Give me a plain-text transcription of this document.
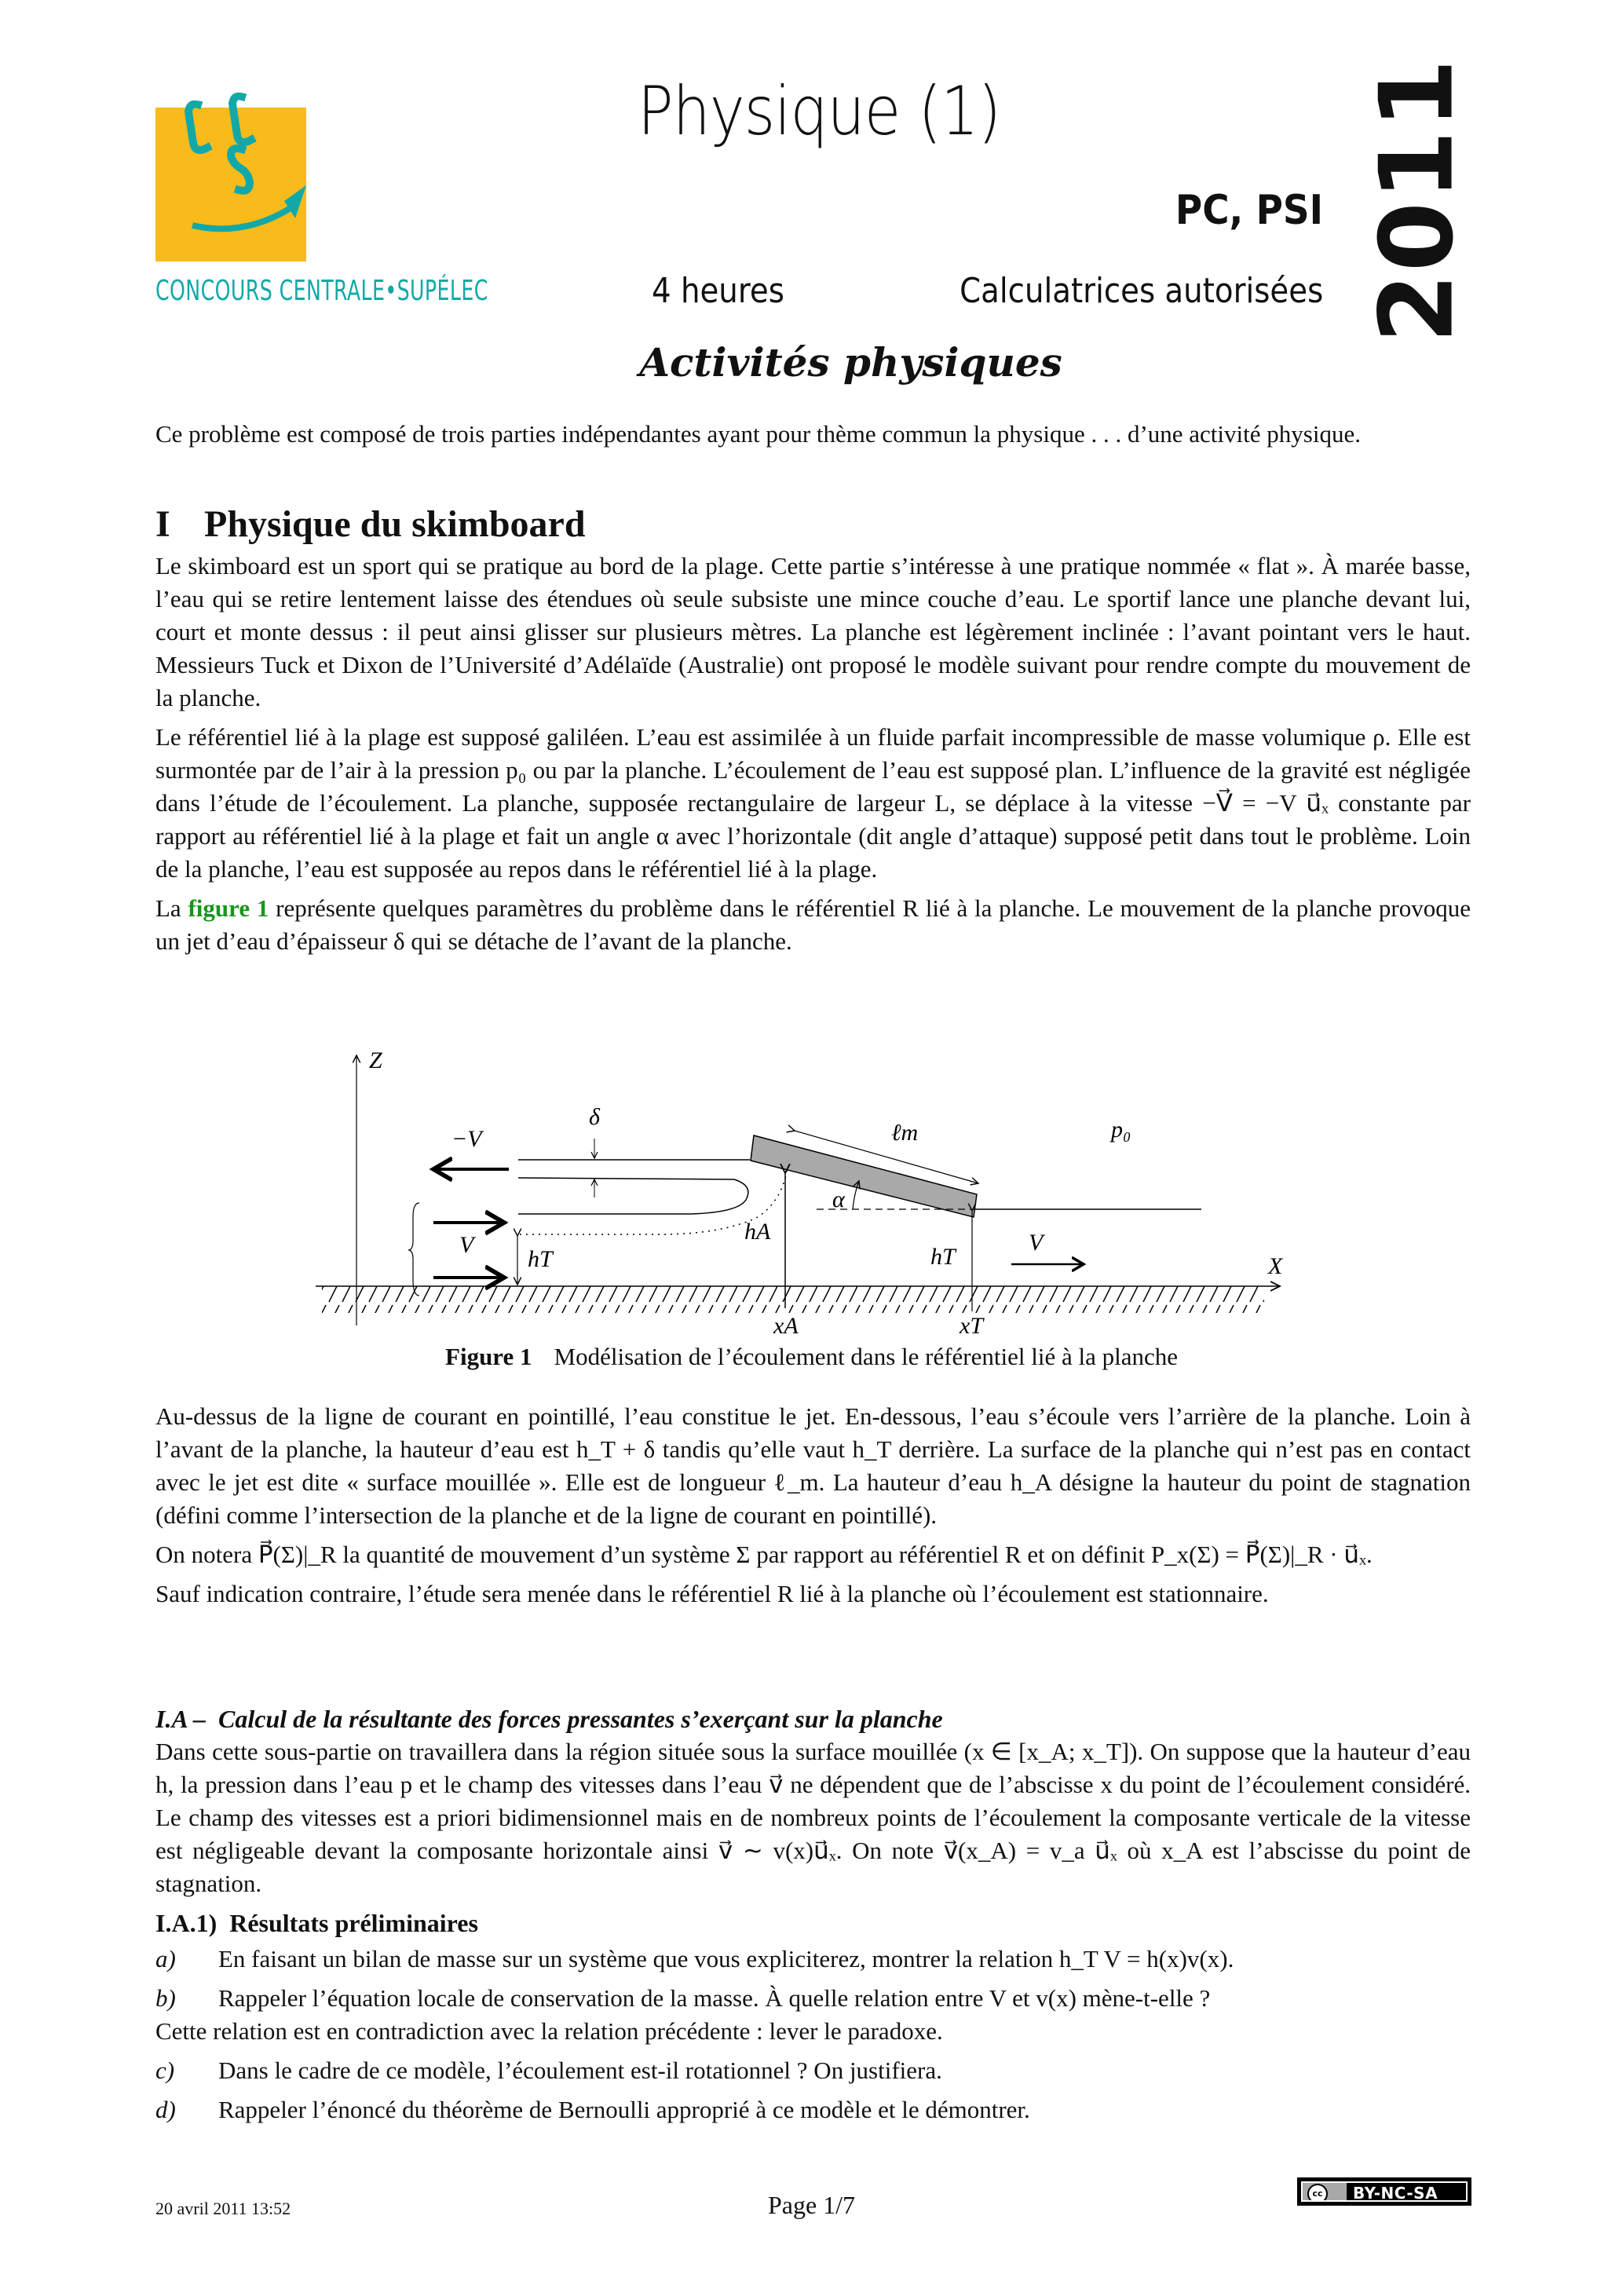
CONCOURS CENTRALE•SUPÉLEC
Physique (1)
PC, PSI
4 heures	Calculatrices autorisées 2011
Activités physiques

Ce problème est composé de trois parties indépendantes ayant pour thème commun la physique . . . d’une activité physique.

I Physique du skimboard

Le skimboard est un sport qui se pratique au bord de la plage. Cette partie s’intéresse à une pratique nommée « flat ». À marée basse, l’eau qui se retire lentement laisse des étendues où seule subsiste une mince couche d’eau. Le sportif lance une planche devant lui, court et monte dessus : il peut ainsi glisser sur plusieurs mètres. La planche est légèrement inclinée : l’avant pointant vers le haut. Messieurs Tuck et Dixon de l’Université d’Adélaïde (Australie) ont proposé le modèle suivant pour rendre compte du mouvement de la planche.

Le référentiel lié à la plage est supposé galiléen. L’eau est assimilée à un fluide parfait incompressible de masse volumique ρ. Elle est surmontée par de l’air à la pression p₀ ou par la planche. L’écoulement de l’eau est supposé plan. L’influence de la gravité est négligée dans l’étude de l’écoulement. La planche, supposée rectangulaire de largeur L, se déplace à la vitesse −V⃗ = −V u⃗ₓ constante par rapport au référentiel lié à la plage et fait un angle α avec l’horizontale (dit angle d’attaque) supposé petit dans tout le problème. Loin de la planche, l’eau est supposée au repos dans le référentiel lié à la plage.

La figure 1 représente quelques paramètres du problème dans le référentiel R lié à la planche. Le mouvement de la planche provoque un jet d’eau d’épaisseur δ qui se détache de l’avant de la planche.

Z
X
δ
−V⃗
V⃗
hT
hA
ℓm
α
p₀
hT
V⃗
xA	xT
Figure 1 Modélisation de l’écoulement dans le référentiel lié à la planche

Au-dessus de la ligne de courant en pointillé, l’eau constitue le jet. En-dessous, l’eau s’écoule vers l’arrière de la planche. Loin à l’avant de la planche, la hauteur d’eau est h_T + δ tandis qu’elle vaut h_T derrière. La surface de la planche qui n’est pas en contact avec le jet est dite « surface mouillée ». Elle est de longueur ℓ_m. La hauteur d’eau h_A désigne la hauteur du point de stagnation (défini comme l’intersection de la planche et de la ligne de courant en pointillé).

On notera P⃗(Σ)|_R la quantité de mouvement d’un système Σ par rapport au référentiel R et on définit P_x(Σ) = P⃗(Σ)|_R · u⃗ₓ.

Sauf indication contraire, l’étude sera menée dans le référentiel R lié à la planche où l’écoulement est stationnaire.

I.A – Calcul de la résultante des forces pressantes s’exerçant sur la planche

Dans cette sous-partie on travaillera dans la région située sous la surface mouillée (x ∈ [x_A; x_T]). On suppose que la hauteur d’eau h, la pression dans l’eau p et le champ des vitesses dans l’eau v⃗ ne dépendent que de l’abscisse x du point de l’écoulement considéré. Le champ des vitesses est a priori bidimensionnel mais en de nombreux points de l’écoulement la composante verticale de la vitesse est négligeable devant la composante horizontale ainsi v⃗ ∼ v(x)u⃗ₓ. On note v⃗(x_A) = v_a u⃗ₓ où x_A est l’abscisse du point de stagnation.

I.A.1) Résultats préliminaires
a)	En faisant un bilan de masse sur un système que vous expliciterez, montrer la relation h_T V = h(x)v(x).
b)	Rappeler l’équation locale de conservation de la masse. À quelle relation entre V et v(x) mène-t-elle ?
Cette relation est en contradiction avec la relation précédente : lever le paradoxe.
c)	Dans le cadre de ce modèle, l’écoulement est-il rotationnel ? On justifiera.
d)	Rappeler l’énoncé du théorème de Bernoulli approprié à ce modèle et le démontrer.
20 avril 2011 13:52	Page 1/7	cc	BY-NC-SA
